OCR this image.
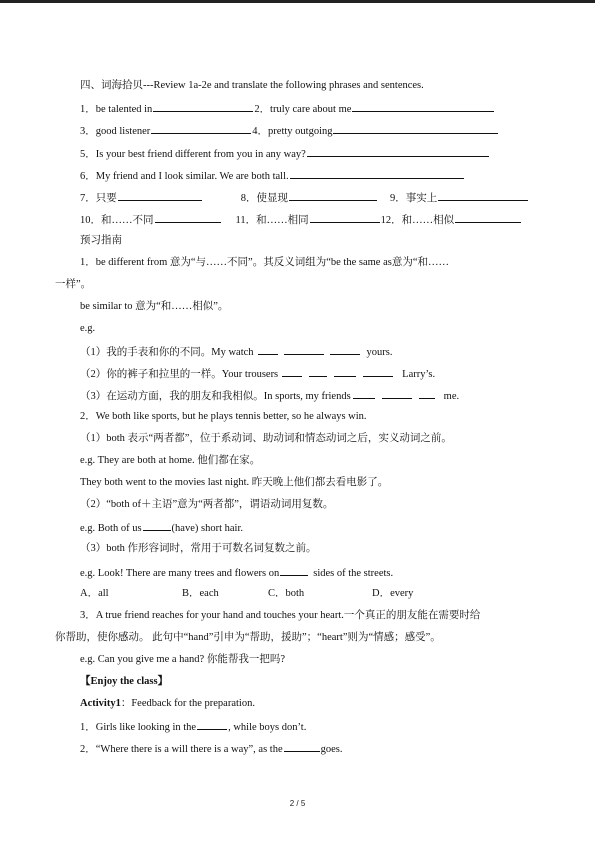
四、词海拾贝---Review 1a-2e and translate the following phrases and sentences.
1．be talented in	2．truly care about me
3．good listener	4．pretty outgoing
5．Is your best friend different from you in any way?
6．My friend and I look similar. We are both tall.
7．只要	8．使显现	9．事实上
10．和……不同	11．和……相同	12．和……相似
预习指南
1．be different from 意为“与……不同”。其反义词组为“be the same as意为“和……
一样”。
be similar to 意为“和……相似”。
e.g.
（1）我的手表和你的不同。My watch	yours.
（2）你的裤子和拉里的一样。Your trousers	Larry’s.
（3）在运动方面，我的朋友和我相似。In sports, my friends	me.
2．We both like sports, but he plays tennis better, so he always win.
（1）both 表示“两者都”，位于系动词、助动词和情态动词之后，实义动词之前。
e.g. They are both at home. 他们都在家。
They both went to the movies last night. 昨天晚上他们都去看电影了。
（2）“both of＋主语”意为“两者都”，谓语动词用复数。
e.g. Both of us	(have) short hair.
（3）both 作形容词时，常用于可数名词复数之前。
e.g. Look! There are many trees and flowers on	sides of the streets.
A．all	B．each	C．both	D．every
3．A true friend reaches for your hand and touches your heart.一个真正的朋友能在需要时给
你帮助，使你感动。 此句中“hand”引申为“帮助，援助”；“heart”则为“情感；感受”。
e.g. Can you give me a hand? 你能帮我一把吗?
【Enjoy the class】
Activity1：Feedback for the preparation.
1．Girls like looking in the	, while boys don’t.
2．“Where there is a will there is a way”, as the	goes.
2 / 5
